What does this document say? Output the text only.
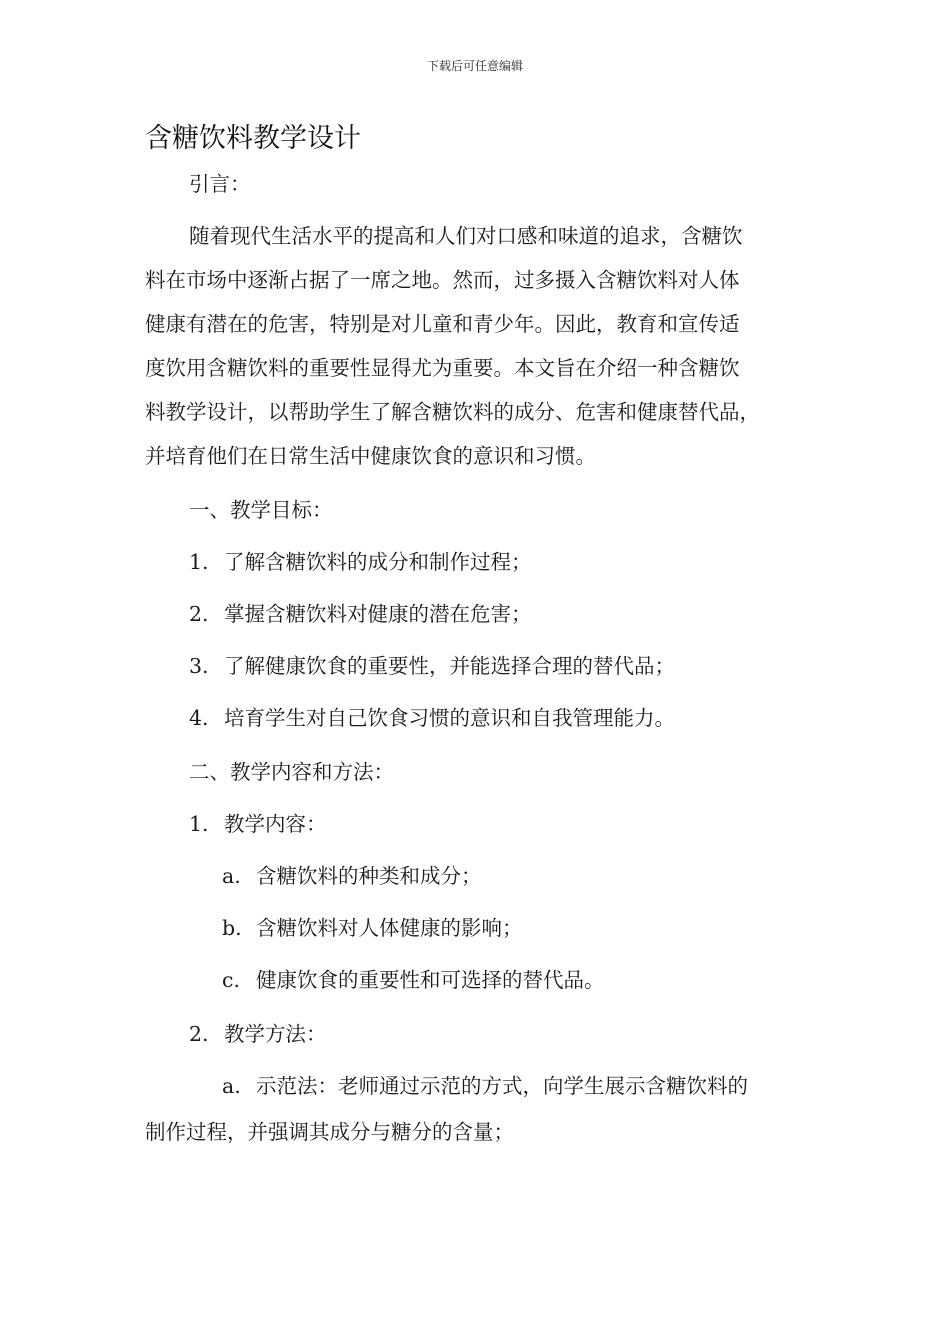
下载后可任意编辑
含糖饮料教学设计
引言：
随着现代生活水平的提高和人们对口感和味道的追求，含糖饮
料在市场中逐渐占据了一席之地。然而，过多摄入含糖饮料对人体
健康有潜在的危害，特别是对儿童和青少年。因此，教育和宣传适
度饮用含糖饮料的重要性显得尤为重要。本文旨在介绍一种含糖饮
料教学设计，以帮助学生了解含糖饮料的成分、危害和健康替代品，
并培育他们在日常生活中健康饮食的意识和习惯。
一、教学目标：
1. 了解含糖饮料的成分和制作过程；
2. 掌握含糖饮料对健康的潜在危害；
3. 了解健康饮食的重要性，并能选择合理的替代品；
4. 培育学生对自己饮食习惯的意识和自我管理能力。
二、教学内容和方法：
1. 教学内容：
a. 含糖饮料的种类和成分；
b. 含糖饮料对人体健康的影响；
c. 健康饮食的重要性和可选择的替代品。
2. 教学方法：
a. 示范法：老师通过示范的方式，向学生展示含糖饮料的
制作过程，并强调其成分与糖分的含量；
